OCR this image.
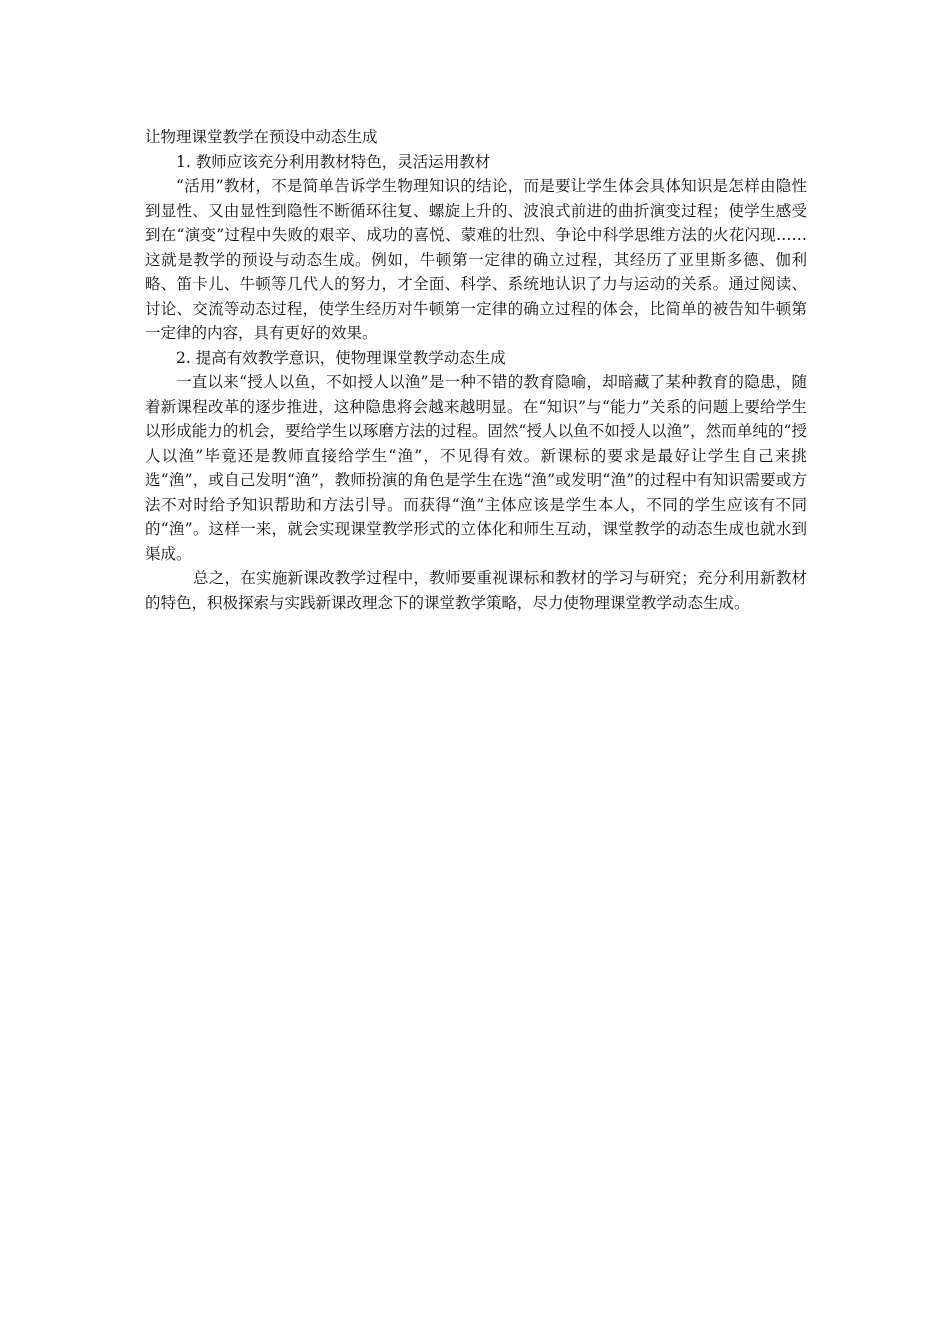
让物理课堂教学在预设中动态生成

1. 教师应该充分利用教材特色，灵活运用教材

“活用”教材，不是简单告诉学生物理知识的结论，而是要让学生体会具体知识是怎样由隐性到显性、又由显性到隐性不断循环往复、螺旋上升的、波浪式前进的曲折演变过程；使学生感受到在“演变”过程中失败的艰辛、成功的喜悦、蒙难的壮烈、争论中科学思维方法的火花闪现……这就是教学的预设与动态生成。例如，牛顿第一定律的确立过程，其经历了亚里斯多德、伽利略、笛卡儿、牛顿等几代人的努力，才全面、科学、系统地认识了力与运动的关系。通过阅读、讨论、交流等动态过程，使学生经历对牛顿第一定律的确立过程的体会，比简单的被告知牛顿第一定律的内容，具有更好的效果。

2. 提高有效教学意识，使物理课堂教学动态生成

一直以来“授人以鱼，不如授人以渔”是一种不错的教育隐喻，却暗藏了某种教育的隐患，随着新课程改革的逐步推进，这种隐患将会越来越明显。在“知识”与“能力”关系的问题上要给学生以形成能力的机会，要给学生以琢磨方法的过程。固然“授人以鱼不如授人以渔”，然而单纯的“授人以渔”毕竟还是教师直接给学生“渔”，不见得有效。新课标的要求是最好让学生自己来挑选“渔”，或自己发明“渔”，教师扮演的角色是学生在选“渔”或发明“渔”的过程中有知识需要或方法不对时给予知识帮助和方法引导。而获得“渔”主体应该是学生本人，不同的学生应该有不同的“渔”。这样一来，就会实现课堂教学形式的立体化和师生互动，课堂教学的动态生成也就水到渠成。

总之，在实施新课改教学过程中，教师要重视课标和教材的学习与研究；充分利用新教材的特色，积极探索与实践新课改理念下的课堂教学策略，尽力使物理课堂教学动态生成。
